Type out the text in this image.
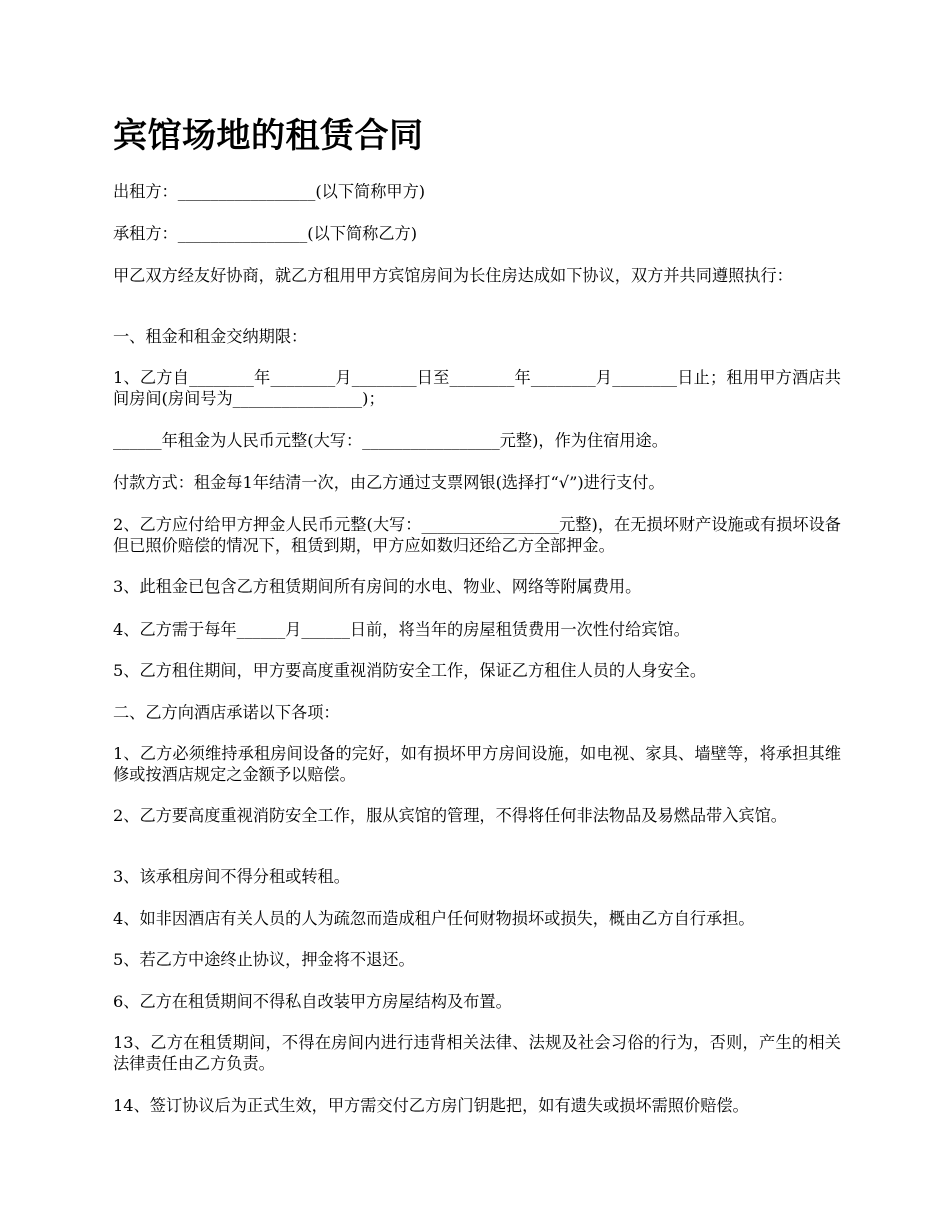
宾馆场地的租赁合同

出租方：_________________(以下简称甲方)

承租方：________________(以下简称乙方)

甲乙双方经友好协商，就乙方租用甲方宾馆房间为长住房达成如下协议，双方并共同遵照执行：

一、租金和租金交纳期限：

1、乙方自________年________月________日至________年________月________日止；租用甲方酒店共间房间(房间号为________________)；

______年租金为人民币元整(大写：_________________元整)，作为住宿用途。

付款方式：租金每1年结清一次，由乙方通过支票网银(选择打“√”)进行支付。

2、乙方应付给甲方押金人民币元整(大写：_________________元整)，在无损坏财产设施或有损坏设备但已照价赔偿的情况下，租赁到期，甲方应如数归还给乙方全部押金。

3、此租金已包含乙方租赁期间所有房间的水电、物业、网络等附属费用。

4、乙方需于每年______月______日前，将当年的房屋租赁费用一次性付给宾馆。

5、乙方租住期间，甲方要高度重视消防安全工作，保证乙方租住人员的人身安全。

二、乙方向酒店承诺以下各项：

1、乙方必须维持承租房间设备的完好，如有损坏甲方房间设施，如电视、家具、墙壁等，将承担其维修或按酒店规定之金额予以赔偿。

2、乙方要高度重视消防安全工作，服从宾馆的管理，不得将任何非法物品及易燃品带入宾馆。

3、该承租房间不得分租或转租。

4、如非因酒店有关人员的人为疏忽而造成租户任何财物损坏或损失，概由乙方自行承担。

5、若乙方中途终止协议，押金将不退还。

6、乙方在租赁期间不得私自改装甲方房屋结构及布置。

13、乙方在租赁期间，不得在房间内进行违背相关法律、法规及社会习俗的行为，否则，产生的相关法律责任由乙方负责。

14、签订协议后为正式生效，甲方需交付乙方房门钥匙把，如有遗失或损坏需照价赔偿。
